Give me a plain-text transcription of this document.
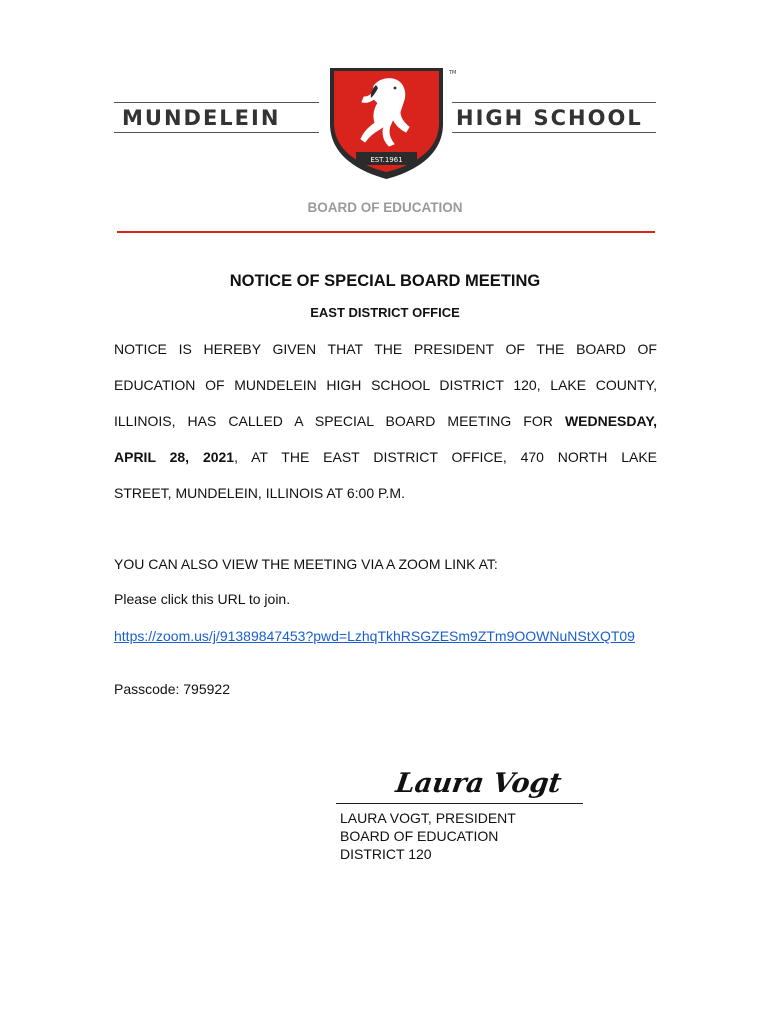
MUNDELEIN	HIGH SCHOOL
EST.1961
TM
BOARD OF EDUCATION
NOTICE OF SPECIAL BOARD MEETING
EAST DISTRICT OFFICE
NOTICE IS HEREBY GIVEN THAT THE PRESIDENT OF THE BOARD OF
EDUCATION OF MUNDELEIN HIGH SCHOOL DISTRICT 120, LAKE COUNTY,
ILLINOIS, HAS CALLED A SPECIAL BOARD MEETING FOR WEDNESDAY,
APRIL 28, 2021, AT THE EAST DISTRICT OFFICE, 470 NORTH LAKE
STREET, MUNDELEIN, ILLINOIS AT 6:00 P.M.
YOU CAN ALSO VIEW THE MEETING VIA A ZOOM LINK AT:
Please click this URL to join.
https://zoom.us/j/91389847453?pwd=LzhqTkhRSGZESm9ZTm9OOWNuNStXQT09
Passcode: 795922
Laura Vogt
LAURA VOGT, PRESIDENT
BOARD OF EDUCATION
DISTRICT 120
